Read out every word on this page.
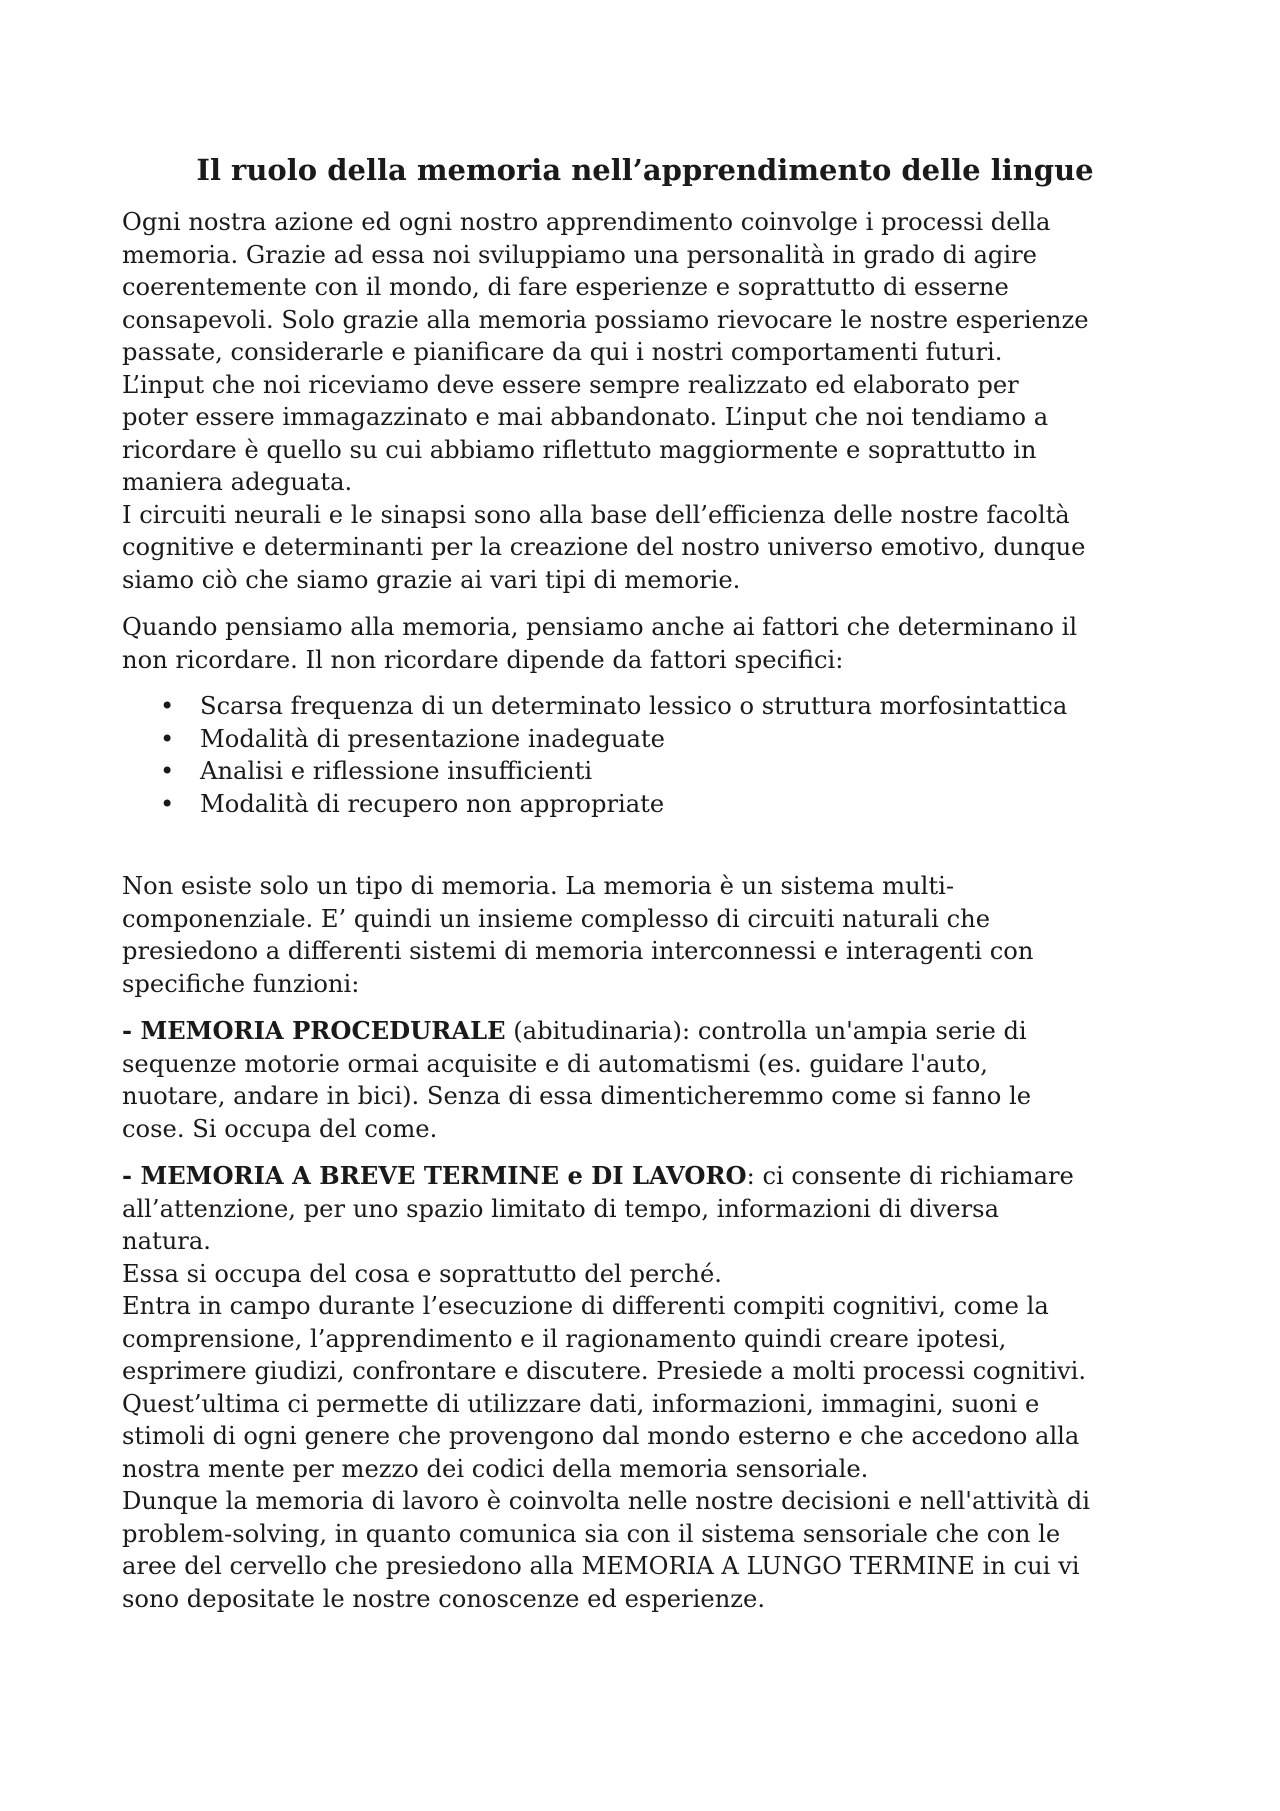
Il ruolo della memoria nell’apprendimento delle lingue
Ogni nostra azione ed ogni nostro apprendimento coinvolge i processi della
memoria. Grazie ad essa noi sviluppiamo una personalità in grado di agire
coerentemente con il mondo, di fare esperienze e soprattutto di esserne
consapevoli. Solo grazie alla memoria possiamo rievocare le nostre esperienze
passate, considerarle e pianificare da qui i nostri comportamenti futuri.
L’input che noi riceviamo deve essere sempre realizzato ed elaborato per
poter essere immagazzinato e mai abbandonato. L’input che noi tendiamo a
ricordare è quello su cui abbiamo riflettuto maggiormente e soprattutto in
maniera adeguata.
I circuiti neurali e le sinapsi sono alla base dell’efficienza delle nostre facoltà
cognitive e determinanti per la creazione del nostro universo emotivo, dunque
siamo ciò che siamo grazie ai vari tipi di memorie.
Quando pensiamo alla memoria, pensiamo anche ai fattori che determinano il
non ricordare. Il non ricordare dipende da fattori specifici:
• Scarsa frequenza di un determinato lessico o struttura morfosintattica
• Modalità di presentazione inadeguate
• Analisi e riflessione insufficienti
• Modalità di recupero non appropriate
Non esiste solo un tipo di memoria. La memoria è un sistema multi-
componenziale. E’ quindi un insieme complesso di circuiti naturali che
presiedono a differenti sistemi di memoria interconnessi e interagenti con
specifiche funzioni:
- MEMORIA PROCEDURALE (abitudinaria): controlla un'ampia serie di
sequenze motorie ormai acquisite e di automatismi (es. guidare l'auto,
nuotare, andare in bici). Senza di essa dimenticheremmo come si fanno le
cose. Si occupa del come.
- MEMORIA A BREVE TERMINE e DI LAVORO: ci consente di richiamare
all’attenzione, per uno spazio limitato di tempo, informazioni di diversa
natura.
Essa si occupa del cosa e soprattutto del perché.
Entra in campo durante l’esecuzione di differenti compiti cognitivi, come la
comprensione, l’apprendimento e il ragionamento quindi creare ipotesi,
esprimere giudizi, confrontare e discutere. Presiede a molti processi cognitivi.
Quest’ultima ci permette di utilizzare dati, informazioni, immagini, suoni e
stimoli di ogni genere che provengono dal mondo esterno e che accedono alla
nostra mente per mezzo dei codici della memoria sensoriale.
Dunque la memoria di lavoro è coinvolta nelle nostre decisioni e nell'attività di
problem-solving, in quanto comunica sia con il sistema sensoriale che con le
aree del cervello che presiedono alla MEMORIA A LUNGO TERMINE in cui vi
sono depositate le nostre conoscenze ed esperienze.
